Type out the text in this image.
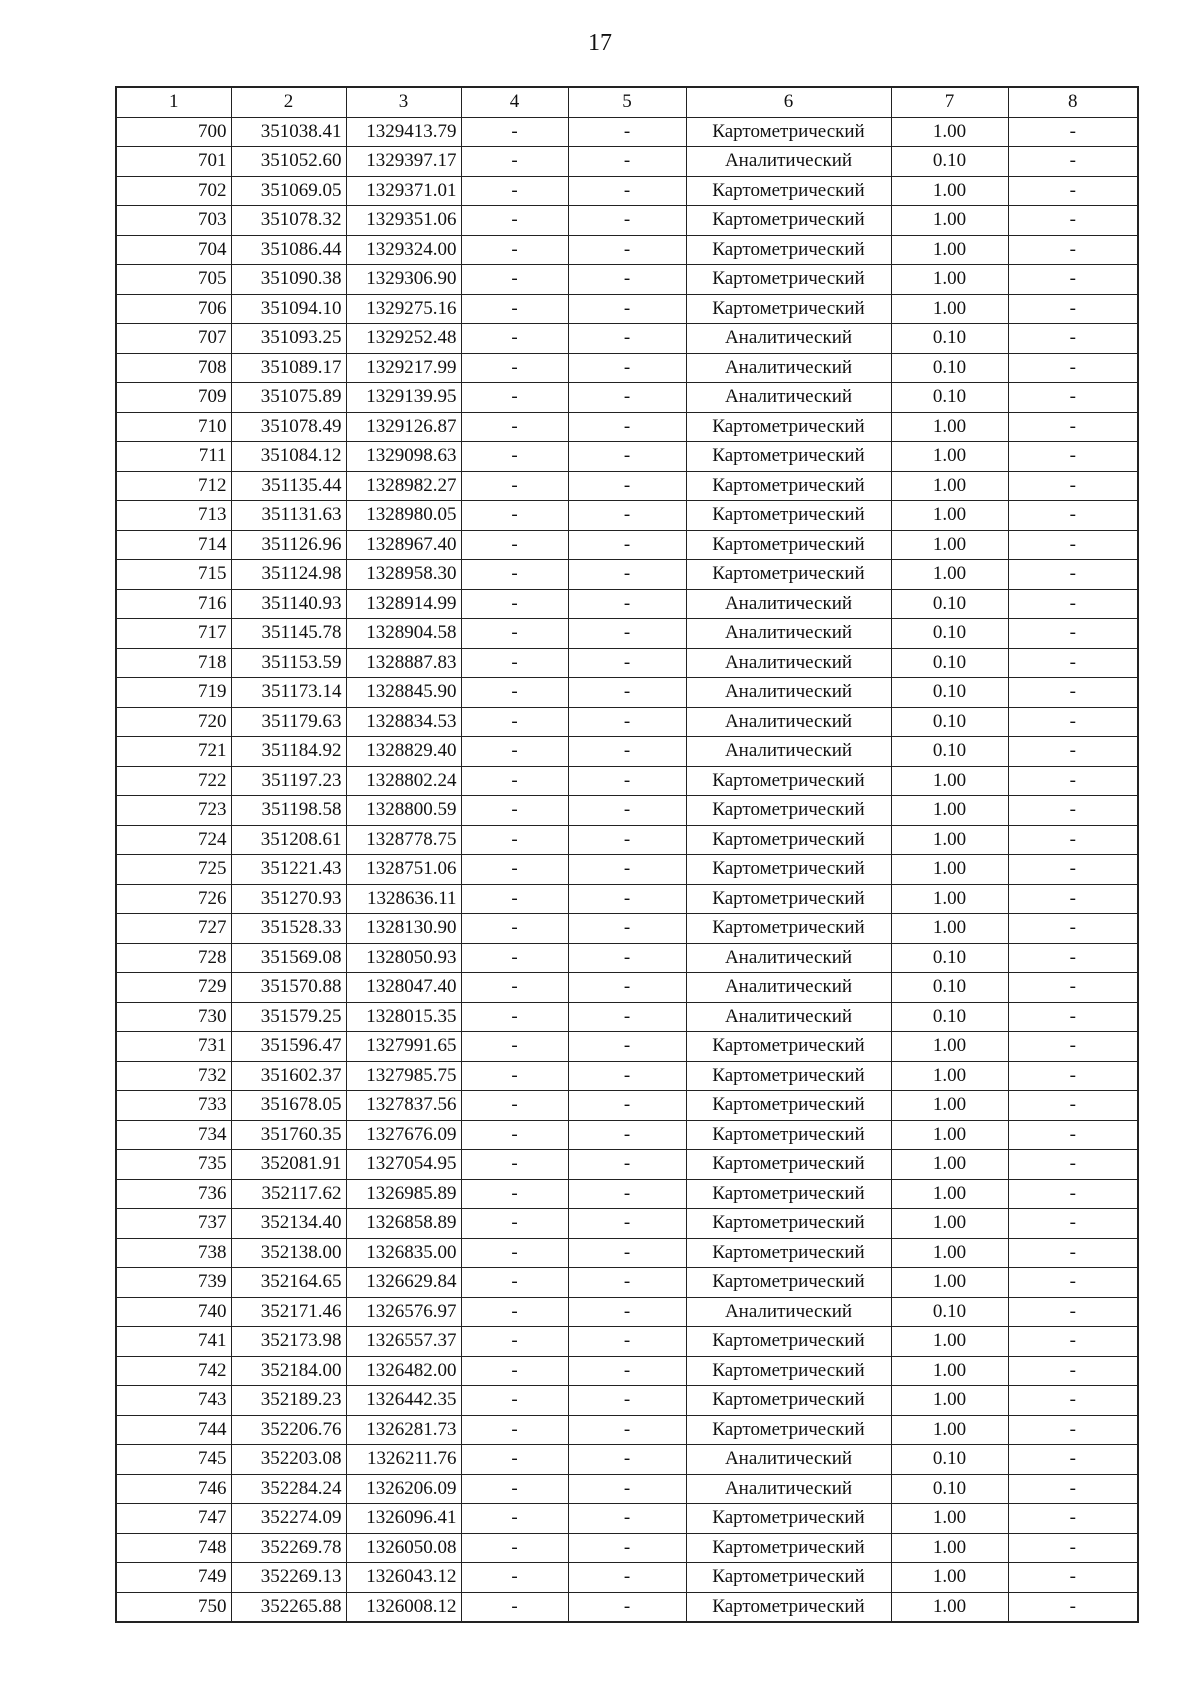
17
1	2	3	4	5	6	7	8
700	351038.41	1329413.79	-	-	Картометрический	1.00	-
701	351052.60	1329397.17	-	-	Аналитический	0.10	-
702	351069.05	1329371.01	-	-	Картометрический	1.00	-
703	351078.32	1329351.06	-	-	Картометрический	1.00	-
704	351086.44	1329324.00	-	-	Картометрический	1.00	-
705	351090.38	1329306.90	-	-	Картометрический	1.00	-
706	351094.10	1329275.16	-	-	Картометрический	1.00	-
707	351093.25	1329252.48	-	-	Аналитический	0.10	-
708	351089.17	1329217.99	-	-	Аналитический	0.10	-
709	351075.89	1329139.95	-	-	Аналитический	0.10	-
710	351078.49	1329126.87	-	-	Картометрический	1.00	-
711	351084.12	1329098.63	-	-	Картометрический	1.00	-
712	351135.44	1328982.27	-	-	Картометрический	1.00	-
713	351131.63	1328980.05	-	-	Картометрический	1.00	-
714	351126.96	1328967.40	-	-	Картометрический	1.00	-
715	351124.98	1328958.30	-	-	Картометрический	1.00	-
716	351140.93	1328914.99	-	-	Аналитический	0.10	-
717	351145.78	1328904.58	-	-	Аналитический	0.10	-
718	351153.59	1328887.83	-	-	Аналитический	0.10	-
719	351173.14	1328845.90	-	-	Аналитический	0.10	-
720	351179.63	1328834.53	-	-	Аналитический	0.10	-
721	351184.92	1328829.40	-	-	Аналитический	0.10	-
722	351197.23	1328802.24	-	-	Картометрический	1.00	-
723	351198.58	1328800.59	-	-	Картометрический	1.00	-
724	351208.61	1328778.75	-	-	Картометрический	1.00	-
725	351221.43	1328751.06	-	-	Картометрический	1.00	-
726	351270.93	1328636.11	-	-	Картометрический	1.00	-
727	351528.33	1328130.90	-	-	Картометрический	1.00	-
728	351569.08	1328050.93	-	-	Аналитический	0.10	-
729	351570.88	1328047.40	-	-	Аналитический	0.10	-
730	351579.25	1328015.35	-	-	Аналитический	0.10	-
731	351596.47	1327991.65	-	-	Картометрический	1.00	-
732	351602.37	1327985.75	-	-	Картометрический	1.00	-
733	351678.05	1327837.56	-	-	Картометрический	1.00	-
734	351760.35	1327676.09	-	-	Картометрический	1.00	-
735	352081.91	1327054.95	-	-	Картометрический	1.00	-
736	352117.62	1326985.89	-	-	Картометрический	1.00	-
737	352134.40	1326858.89	-	-	Картометрический	1.00	-
738	352138.00	1326835.00	-	-	Картометрический	1.00	-
739	352164.65	1326629.84	-	-	Картометрический	1.00	-
740	352171.46	1326576.97	-	-	Аналитический	0.10	-
741	352173.98	1326557.37	-	-	Картометрический	1.00	-
742	352184.00	1326482.00	-	-	Картометрический	1.00	-
743	352189.23	1326442.35	-	-	Картометрический	1.00	-
744	352206.76	1326281.73	-	-	Картометрический	1.00	-
745	352203.08	1326211.76	-	-	Аналитический	0.10	-
746	352284.24	1326206.09	-	-	Аналитический	0.10	-
747	352274.09	1326096.41	-	-	Картометрический	1.00	-
748	352269.78	1326050.08	-	-	Картометрический	1.00	-
749	352269.13	1326043.12	-	-	Картометрический	1.00	-
750	352265.88	1326008.12	-	-	Картометрический	1.00	-
